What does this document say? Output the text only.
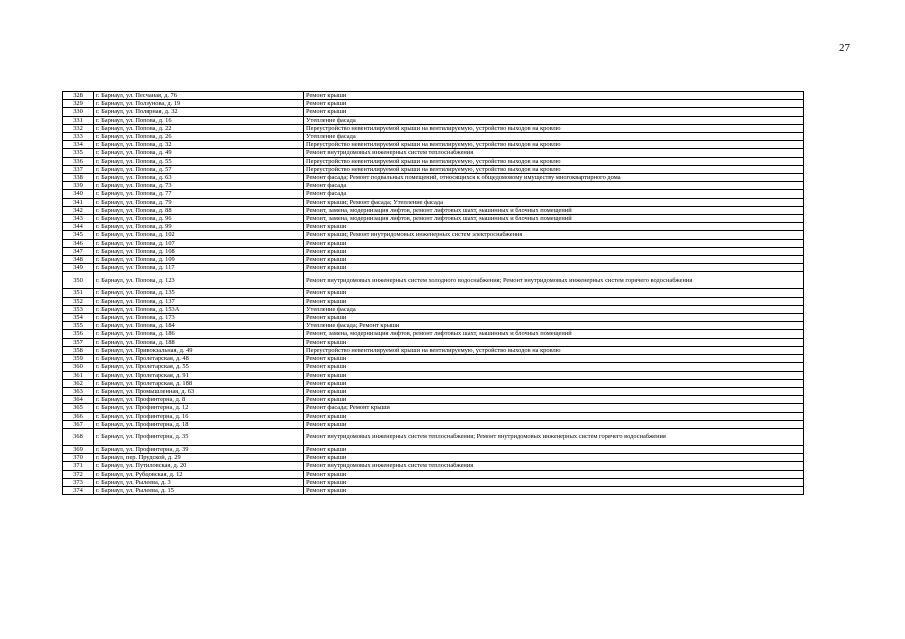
27
328	г. Барнаул, ул. Песчаная, д. 76	Ремонт крыши
329	г. Барнаул, ул. Ползунова, д. 19	Ремонт крыши
330	г. Барнаул, ул. Полярная, д. 32	Ремонт крыши
331	г. Барнаул, ул. Попова, д. 16	Утепление фасада
332	г. Барнаул, ул. Попова, д. 22	Переустройство невентилируемой крыши на вентилируемую, устройство выходов на кровлю
333	г. Барнаул, ул. Попова, д. 26	Утепление фасада
334	г. Барнаул, ул. Попова, д. 32	Переустройство невентилируемой крыши на вентилируемую, устройство выходов на кровлю
335	г. Барнаул, ул. Попова, д. 49	Ремонт внутридомовых инженерных систем теплоснабжения
336	г. Барнаул, ул. Попова, д. 55	Переустройство невентилируемой крыши на вентилируемую, устройство выходов на кровлю
337	г. Барнаул, ул. Попова, д. 57	Переустройство невентилируемой крыши на вентилируемую, устройство выходов на кровлю
338	г. Барнаул, ул. Попова, д. 63	Ремонт фасада; Ремонт подвальных помещений, относящихся к общедомовому имуществу многоквартирного дома
339	г. Барнаул, ул. Попова, д. 73	Ремонт фасада
340	г. Барнаул, ул. Попова, д. 77	Ремонт фасада
341	г. Барнаул, ул. Попова, д. 79	Ремонт крыши; Ремонт фасада; Утепление фасада
342	г. Барнаул, ул. Попова, д. 88	Ремонт, замена, модернизация лифтов, ремонт лифтовых шахт, машинных и блочных помещений
343	г. Барнаул, ул. Попова, д. 96	Ремонт, замена, модернизация лифтов, ремонт лифтовых шахт, машинных и блочных помещений
344	г. Барнаул, ул. Попова, д. 99	Ремонт крыши
345	г. Барнаул, ул. Попова, д. 102	Ремонт крыши; Ремонт внутридомовых инженерных систем электроснабжения
346	г. Барнаул, ул. Попова, д. 107	Ремонт крыши
347	г. Барнаул, ул. Попова, д. 108	Ремонт крыши
348	г. Барнаул, ул. Попова, д. 109	Ремонт крыши
349	г. Барнаул, ул. Попова, д. 117	Ремонт крыши
350	г. Барнаул, ул. Попова, д. 123	Ремонт внутридомовых инженерных систем холодного водоснабжения; Ремонт внутридомовых инженерных систем горячего водоснабжения
351	г. Барнаул, ул. Попова, д. 135	Ремонт крыши
352	г. Барнаул, ул. Попова, д. 137	Ремонт крыши
353	г. Барнаул, ул. Попова, д. 153А	Утепление фасада
354	г. Барнаул, ул. Попова, д. 173	Ремонт крыши
355	г. Барнаул, ул. Попова, д. 184	Утепление фасада; Ремонт крыши
356	г. Барнаул, ул. Попова, д. 186	Ремонт, замена, модернизация лифтов, ремонт лифтовых шахт, машинных и блочных помещений
357	г. Барнаул, ул. Попова, д. 188	Ремонт крыши
358	г. Барнаул, ул. Привокзальная, д. 49	Переустройство невентилируемой крыши на вентилируемую, устройство выходов на кровлю
359	г. Барнаул, ул. Пролетарская, д. 48	Ремонт крыши
360	г. Барнаул, ул. Пролетарская, д. 55	Ремонт крыши
361	г. Барнаул, ул. Пролетарская, д. 91	Ремонт крыши
362	г. Барнаул, ул. Пролетарская, д. 188	Ремонт крыши
363	г. Барнаул, ул. Промышленная, д. 63	Ремонт крыши
364	г. Барнаул, ул. Профинтерна, д. 8	Ремонт крыши
365	г. Барнаул, ул. Профинтерна, д. 12	Ремонт фасада; Ремонт крыши
366	г. Барнаул, ул. Профинтерна, д. 16	Ремонт крыши
367	г. Барнаул, ул. Профинтерна, д. 18	Ремонт крыши
368	г. Барнаул, ул. Профинтерна, д. 35	Ремонт внутридомовых инженерных систем теплоснабжения; Ремонт внутридомовых инженерных систем горячего водоснабжения
369	г. Барнаул, ул. Профинтерна, д. 39	Ремонт крыши
370	г. Барнаул, пер. Прудской, д. 29	Ремонт крыши
371	г. Барнаул, ул. Путиловская, д. 20	Ремонт внутридомовых инженерных систем теплоснабжения
372	г. Барнаул, ул. Рубцовская, д. 12	Ремонт крыши
373	г. Барнаул, ул. Рылеева, д. 3	Ремонт крыши
374	г. Барнаул, ул. Рылеева, д. 15	Ремонт крыши
